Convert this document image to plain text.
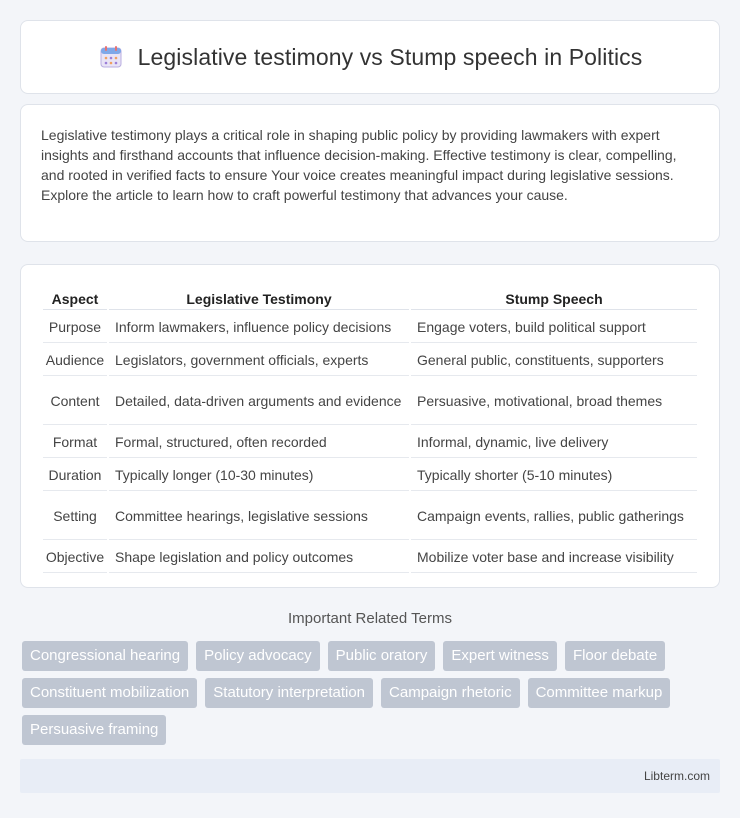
Legislative testimony vs Stump speech in Politics

Legislative testimony plays a critical role in shaping public policy by providing lawmakers with expert insights and firsthand accounts that influence decision-making. Effective testimony is clear, compelling, and rooted in verified facts to ensure Your voice creates meaningful impact during legislative sessions. Explore the article to learn how to craft powerful testimony that advances your cause.

Aspect	Legislative Testimony	Stump Speech
Purpose	Inform lawmakers, influence policy decisions	Engage voters, build political support
Audience	Legislators, government officials, experts	General public, constituents, supporters
Content	Detailed, data-driven arguments and evidence	Persuasive, motivational, broad themes
Format	Formal, structured, often recorded	Informal, dynamic, live delivery
Duration	Typically longer (10-30 minutes)	Typically shorter (5-10 minutes)
Setting	Committee hearings, legislative sessions	Campaign events, rallies, public gatherings
Objective	Shape legislation and policy outcomes	Mobilize voter base and increase visibility
Important Related Terms
Congressional hearing	Policy advocacy	Public oratory	Expert witness	Floor debate
Constituent mobilization	Statutory interpretation	Campaign rhetoric	Committee markup
Persuasive framing
Libterm.com
